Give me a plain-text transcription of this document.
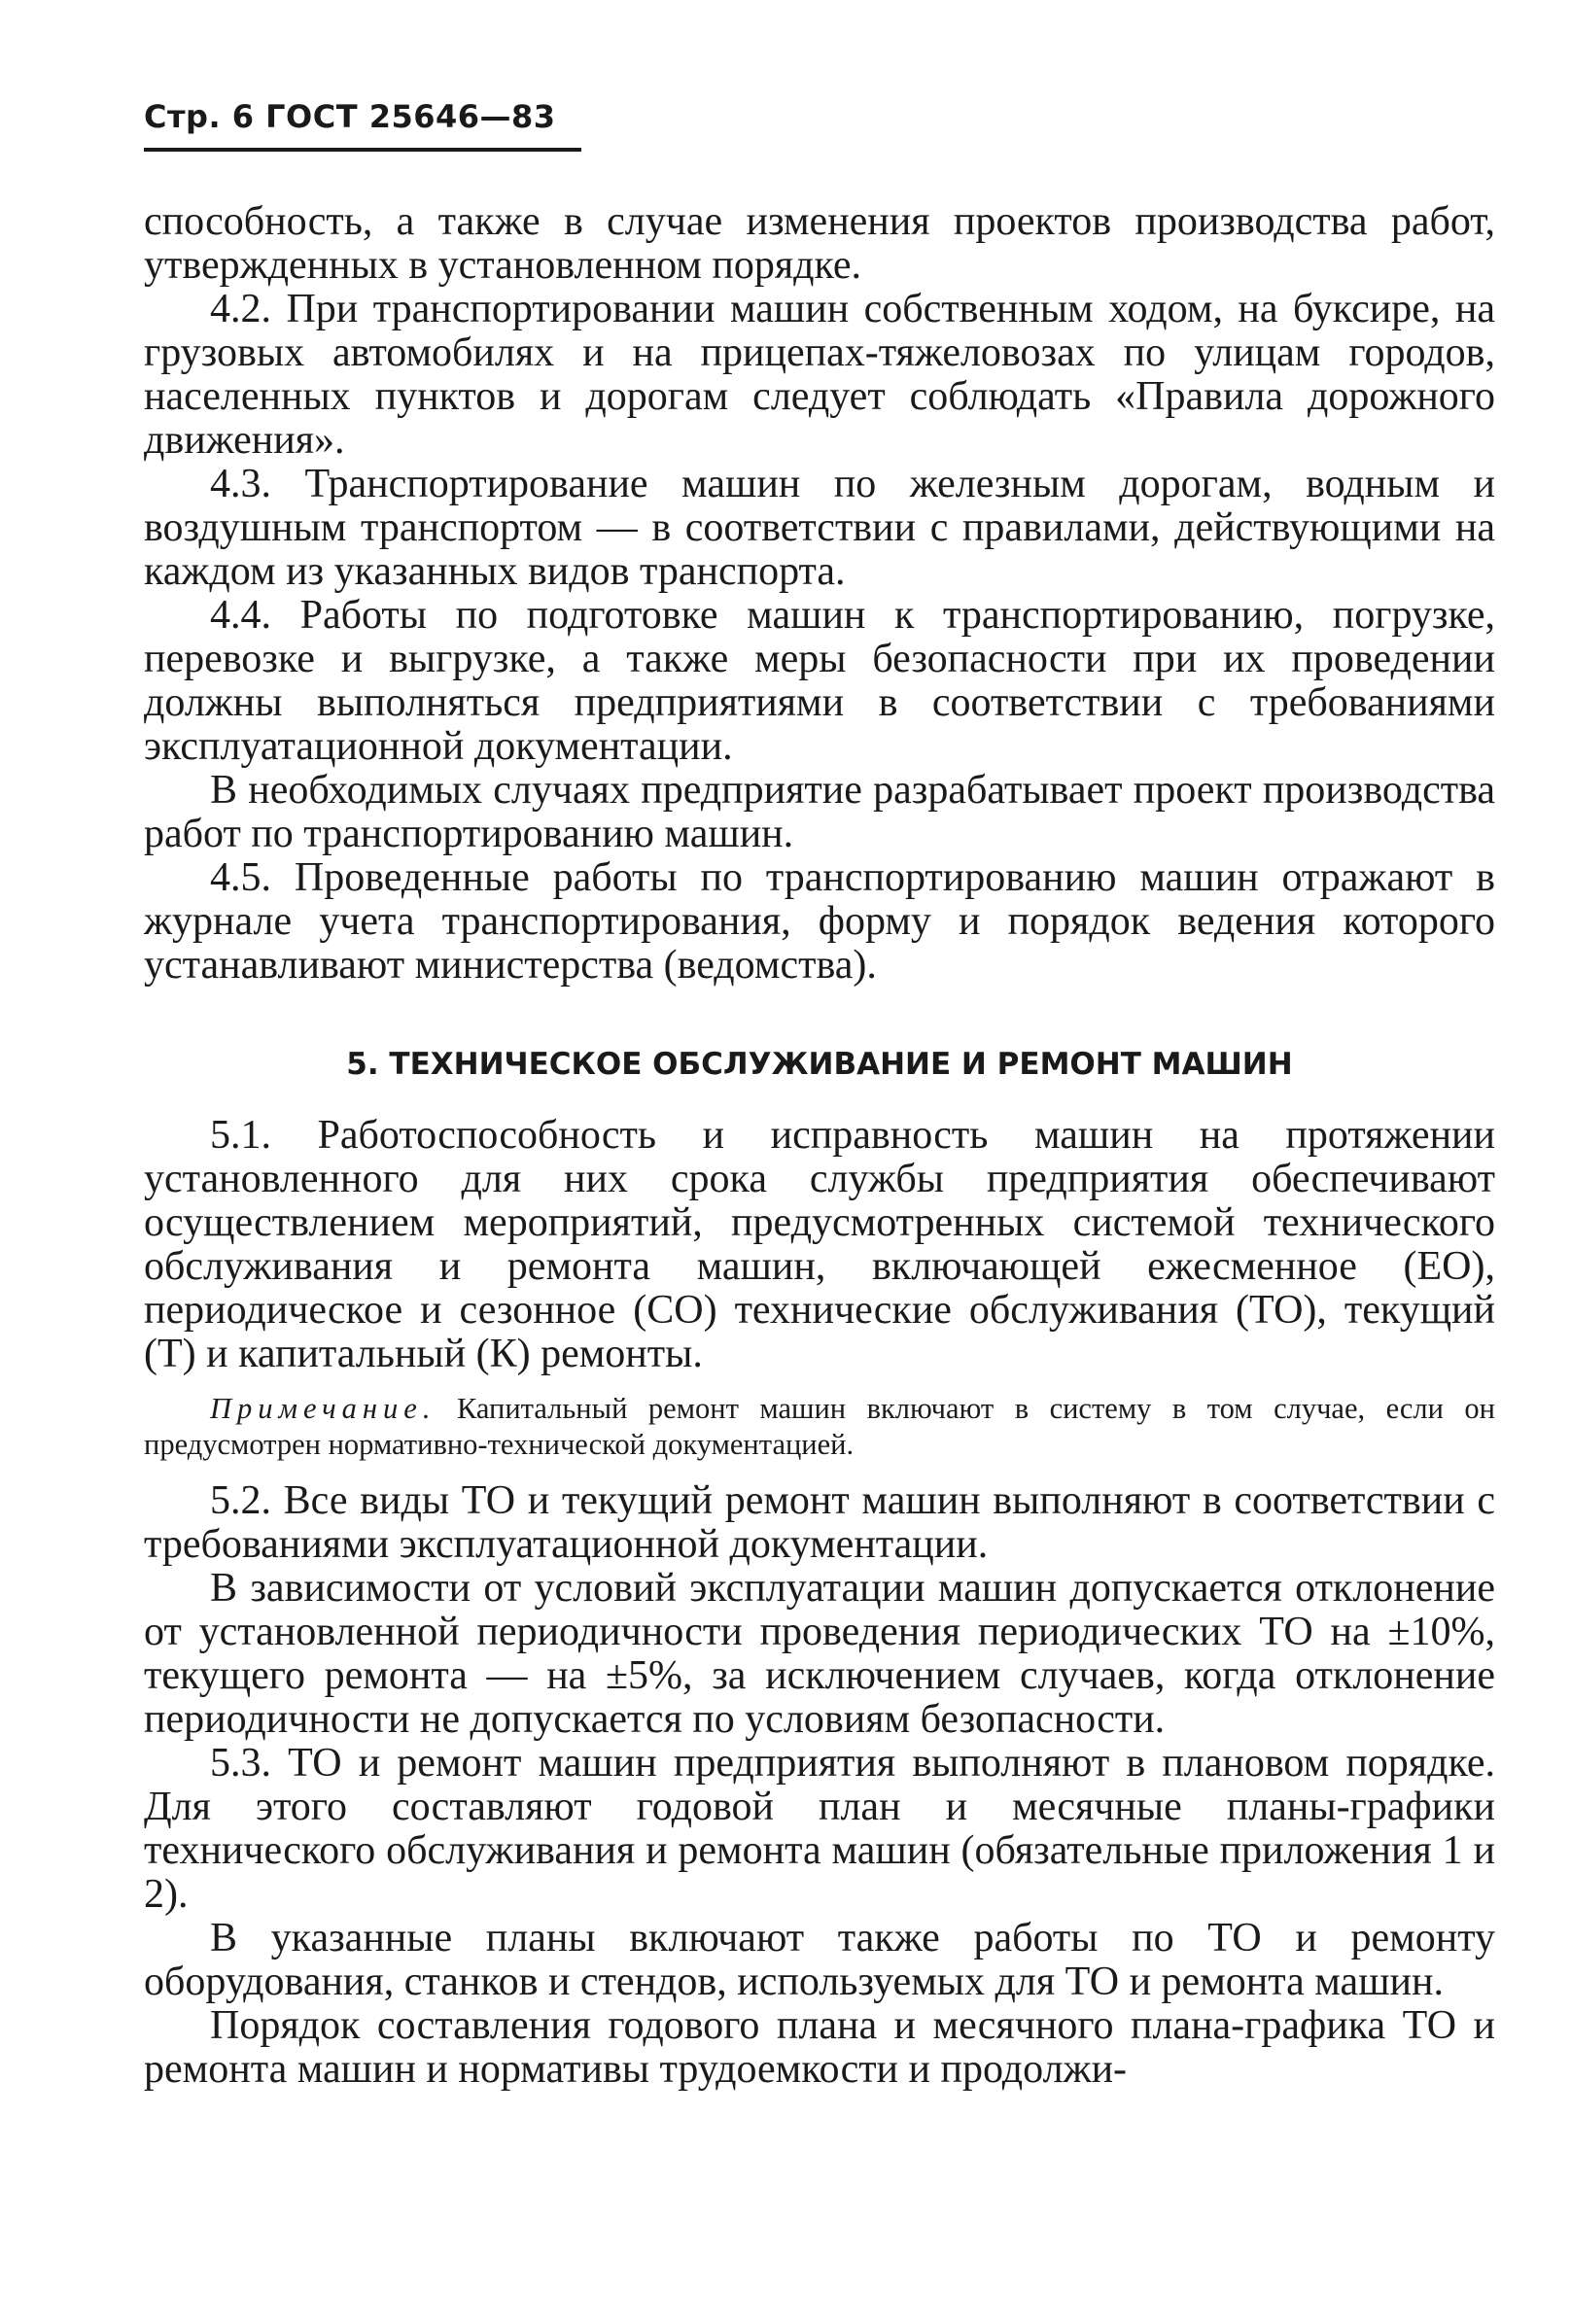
Стр. 6 ГОСТ 25646—83

способность, а также в случае изменения проектов производства работ, утвержденных в установленном порядке.

4.2. При транспортировании машин собственным ходом, на буксире, на грузовых автомобилях и на прицепах-тяжеловозах по улицам городов, населенных пунктов и дорогам следует соблюдать «Правила дорожного движения».

4.3. Транспортирование машин по железным дорогам, водным и воздушным транспортом — в соответствии с правилами, действующими на каждом из указанных видов транспорта.

4.4. Работы по подготовке машин к транспортированию, погрузке, перевозке и выгрузке, а также меры безопасности при их проведении должны выполняться предприятиями в соответствии с требованиями эксплуатационной документации.

В необходимых случаях предприятие разрабатывает проект производства работ по транспортированию машин.

4.5. Проведенные работы по транспортированию машин отражают в журнале учета транспортирования, форму и порядок ведения которого устанавливают министерства (ведомства).

5. ТЕХНИЧЕСКОЕ ОБСЛУЖИВАНИЕ И РЕМОНТ МАШИН

5.1. Работоспособность и исправность машин на протяжении установленного для них срока службы предприятия обеспечивают осуществлением мероприятий, предусмотренных системой технического обслуживания и ремонта машин, включающей ежесменное (ЕО), периодическое и сезонное (СО) технические обслуживания (ТО), текущий (Т) и капитальный (К) ремонты.

Примечание. Капитальный ремонт машин включают в систему в том случае, если он предусмотрен нормативно-технической документацией.

5.2. Все виды ТО и текущий ремонт машин выполняют в соответствии с требованиями эксплуатационной документации.

В зависимости от условий эксплуатации машин допускается отклонение от установленной периодичности проведения периодических ТО на ±10%, текущего ремонта — на ±5%, за исключением случаев, когда отклонение периодичности не допускается по условиям безопасности.

5.3. ТО и ремонт машин предприятия выполняют в плановом порядке. Для этого составляют годовой план и месячные планы-графики технического обслуживания и ремонта машин (обязательные приложения 1 и 2).

В указанные планы включают также работы по ТО и ремонту оборудования, станков и стендов, используемых для ТО и ремонта машин.

Порядок составления годового плана и месячного плана-графика ТО и ремонта машин и нормативы трудоемкости и продолжи-
